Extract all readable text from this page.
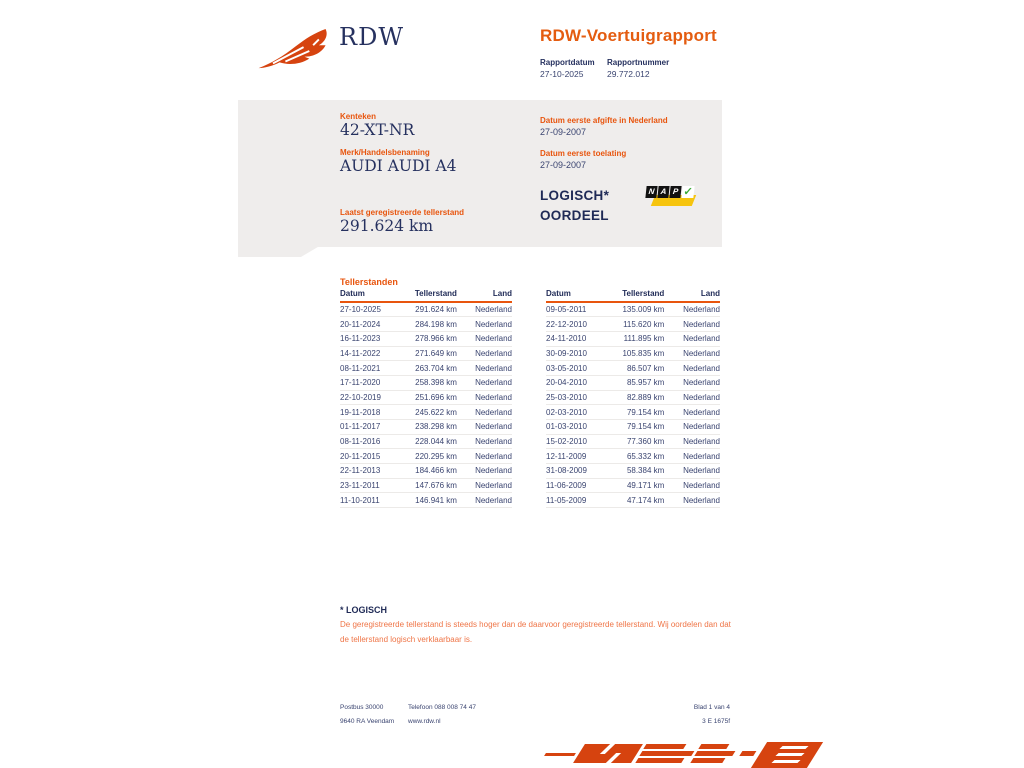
RDW	RDW-Voertuigrapport
Rapportdatum Rapportnummer
27-10-2025	29.772.012
Kenteken
42-XT-NR
Merk/Handelsbenaming
AUDI AUDI A4
Laatst geregistreerde tellerstand
291.624 km
Datum eerste afgifte in Nederland
27-09-2007
Datum eerste toelating
27-09-2007
LOGISCH*
OORDEEL
N A P ✓
Tellerstanden
Datum	Tellerstand	Land
27-10-2025	291.624 km	Nederland
20-11-2024	284.198 km	Nederland
16-11-2023	278.966 km	Nederland
14-11-2022	271.649 km	Nederland
08-11-2021	263.704 km	Nederland
17-11-2020	258.398 km	Nederland
22-10-2019	251.696 km	Nederland
19-11-2018	245.622 km	Nederland
01-11-2017	238.298 km	Nederland
08-11-2016	228.044 km	Nederland
20-11-2015	220.295 km	Nederland
22-11-2013	184.466 km	Nederland
23-11-2011	147.676 km	Nederland
11-10-2011	146.941 km	Nederland
Datum	Tellerstand	Land
09-05-2011	135.009 km	Nederland
22-12-2010	115.620 km	Nederland
24-11-2010	111.895 km	Nederland
30-09-2010	105.835 km	Nederland
03-05-2010	86.507 km	Nederland
20-04-2010	85.957 km	Nederland
25-03-2010	82.889 km	Nederland
02-03-2010	79.154 km	Nederland
01-03-2010	79.154 km	Nederland
15-02-2010	77.360 km	Nederland
12-11-2009	65.332 km	Nederland
31-08-2009	58.384 km	Nederland
11-06-2009	49.171 km	Nederland
11-05-2009	47.174 km	Nederland
* LOGISCH
De geregistreerde tellerstand is steeds hoger dan de daarvoor geregistreerde tellerstand. Wij oordelen dan dat de tellerstand logisch verklaarbaar is.
Postbus 30000
9640 RA Veendam
Telefoon 088 008 74 47
www.rdw.nl
Blad 1 van 4
3 E 1675f
